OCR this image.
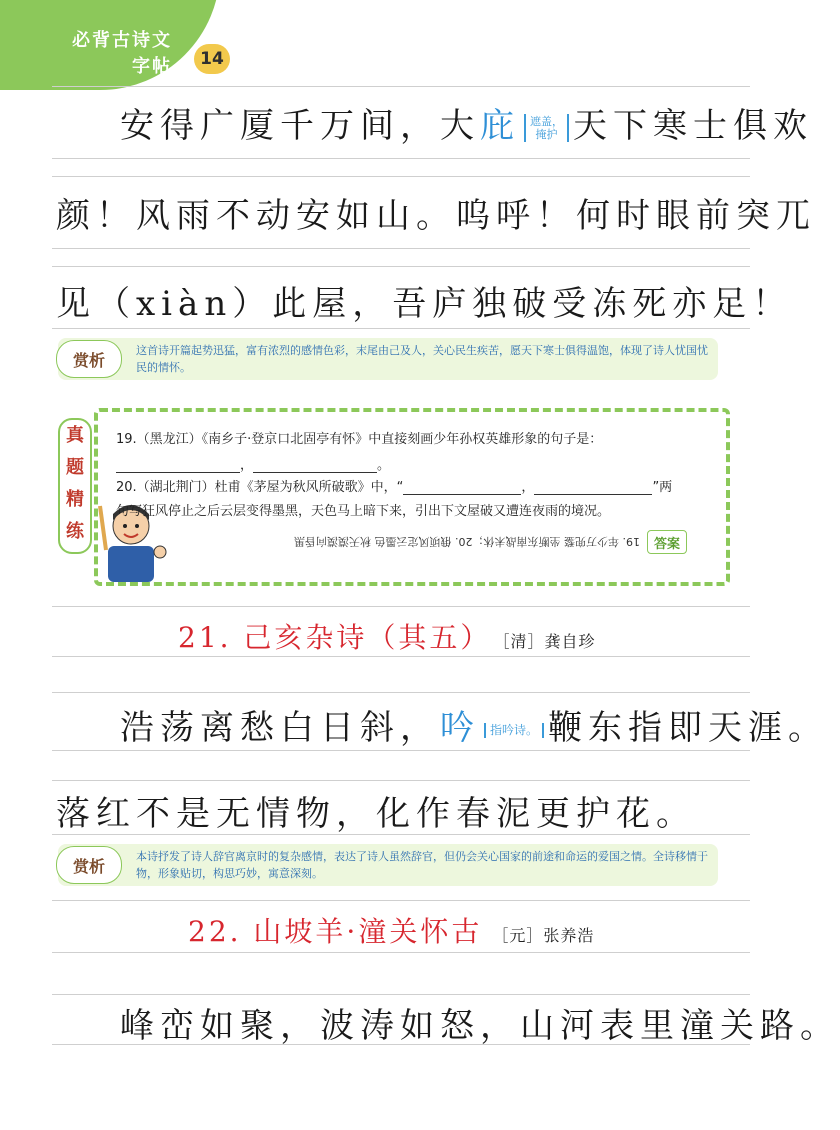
必背古诗文
字帖	14
安得广厦千万间，大庇 遮盖，
掩护 天下寒士俱欢
颜！风雨不动安如山。呜呼！何时眼前突兀
见（xiàn）此屋，吾庐独破受冻死亦足！
赏析	这首诗开篇起势迅猛，富有浓烈的感情色彩，末尾由己及人，关心民生疾苦，愿天下寒士俱得温饱，体现了诗人忧国忧民的情怀。
真
题
精
练
19.（黑龙江）《南乡子·登京口北固亭有怀》中直接刻画少年孙权英雄形象的句子是：
，	。
20.（湖北荆门）杜甫《茅屋为秋风所破歌》中，“	，	”两
句写狂风停止之后云层变得墨黑，天色马上暗下来，引出下文屋破又遭连夜雨的境况。
19. 年少万兜鍪 坐断东南战未休；20. 俄顷风定云墨色 秋天漠漠向昏黑	答案
21. 己亥杂诗（其五） ［清］龚自珍
浩荡离愁白日斜，吟 指吟诗。 鞭东指即天涯。
落红不是无情物，化作春泥更护花。
赏析	本诗抒发了诗人辞官离京时的复杂感情，表达了诗人虽然辞官，但仍会关心国家的前途和命运的爱国之情。全诗移情于物，形象贴切，构思巧妙，寓意深刻。
22. 山坡羊·潼关怀古 ［元］张养浩
峰峦如聚，波涛如怒，山河表里潼关路。
